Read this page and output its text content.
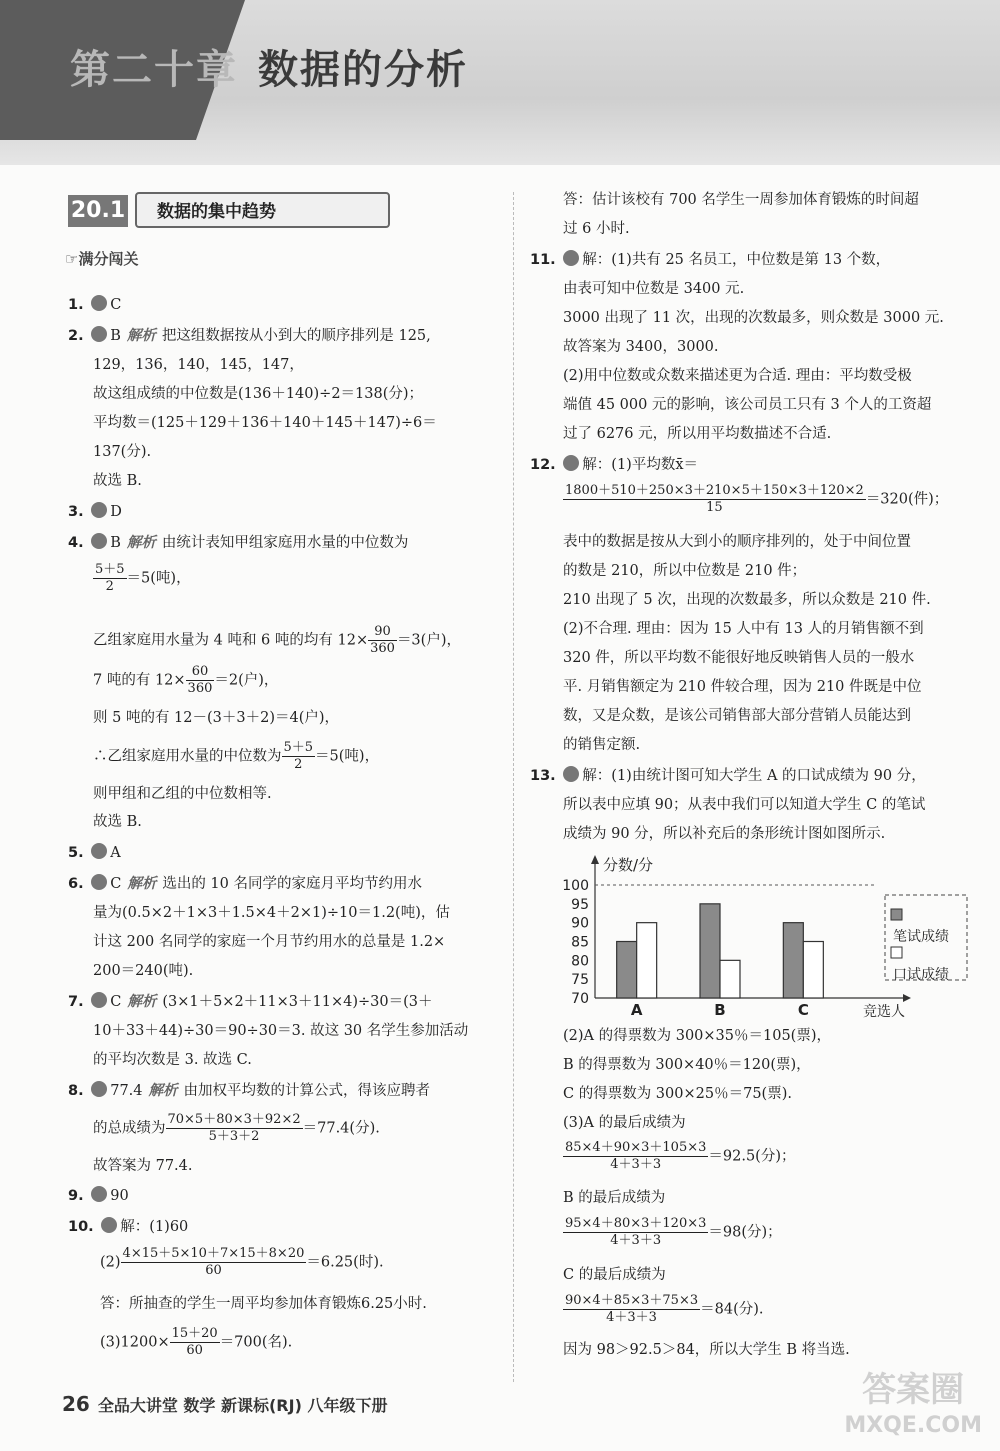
第二十章 数据的分析
20.1	数据的集中趋势
☞满分闯关
1. C
2. B 解析 把这组数据按从小到大的顺序排列是 125,
129，136，140，145，147，
故这组成绩的中位数是(136＋140)÷2＝138(分)；
平均数＝(125＋129＋136＋140＋145＋147)÷6＝
137(分).
故选 B.
3. D
4. B 解析 由统计表知甲组家庭用水量的中位数为
$\frac{5+5}{2} =5$(吨)，
乙组家庭用水量为 4 吨和 6 吨的均有 $12\times \frac{90}{360} =3$(户)，
7 吨的有 $12\times \frac{60}{360} =2$(户)，
则 5 吨的有 12－(3＋3＋2)＝4(户)，
∴乙组家庭用水量的中位数为 $\frac{5+5}{2} =5$(吨)，
则甲组和乙组的中位数相等.
故选 B.
5. A
6. C 解析 选出的 10 名同学的家庭月平均节约用水
量为(0.5×2＋1×3＋1.5×4＋2×1)÷10＝1.2(吨)，估
计这 200 名同学的家庭一个月节约用水的总量是 1.2×
200＝240(吨).
7. C 解析 (3×1＋5×2＋11×3＋11×4)÷30＝(3＋
10＋33＋44)÷30＝90÷30＝3. 故这 30 名学生参加活动
的平均次数是 3. 故选 C.
8. 77.4 解析 由加权平均数的计算公式，得该应聘者
的总成绩为 $\frac{70\times 5+80\times 3+92\times 2}{5+3+2} =77.4$(分).
故答案为 77.4.
9. 90
10. 解：(1)60
$(2) \frac{4\times 15+5\times 10+7\times 15+8\times 20}{60} =6.25$(时).
答：所抽查的学生一周平均参加体育锻炼6.25小时.
$(3)1200\times \frac{15+20}{60} =700$(名).
答：估计该校有 700 名学生一周参加体育锻炼的时间超
过 6 小时.
11. 解：(1)共有 25 名员工，中位数是第 13 个数，
由表可知中位数是 3400 元.
3000 出现了 11 次，出现的次数最多，则众数是 3000 元.
故答案为 3400，3000.
(2)用中位数或众数来描述更为合适. 理由：平均数受极
端值 45 000 元的影响，该公司员工只有 3 个人的工资超
过了 6276 元，所以用平均数描述不合适.
12. 解：(1)平均数x̄＝
$\frac{1800+510+250\times 3+210\times 5+150\times 3+120\times 2}{15} =320$(件)；
表中的数据是按从大到小的顺序排列的，处于中间位置
的数是 210，所以中位数是 210 件；
210 出现了 5 次，出现的次数最多，所以众数是 210 件.
(2)不合理. 理由：因为 15 人中有 13 人的月销售额不到
320 件，所以平均数不能很好地反映销售人员的一般水
平. 月销售额定为 210 件较合理，因为 210 件既是中位
数，又是众数，是该公司销售部大部分营销人员能达到
的销售定额.
13. 解：(1)由统计图可知大学生 A 的口试成绩为 90 分，
所以表中应填 90；从表中我们可以知道大学生 C 的笔试
成绩为 90 分，所以补充后的条形统计图如图所示.
分数/分
竞选人
100
95
90
85
80
75
70
A	B	C
笔试成绩
口试成绩
(2)A 的得票数为 300×35％＝105(票)，
B 的得票数为 300×40％＝120(票)，
C 的得票数为 300×25％＝75(票).
(3)A 的最后成绩为
$\frac{85\times 4+90\times 3+105\times 3}{4+3+3} =92.5$(分)；
B 的最后成绩为
$\frac{95\times 4+80\times 3+120\times 3}{4+3+3} =98$(分)；
C 的最后成绩为
$\frac{90\times 4+85\times 3+75\times 3}{4+3+3} =84$(分).
因为 98＞92.5＞84，所以大学生 B 将当选.
26 全品大讲堂 数学 新课标(RJ) 八年级下册	答案圈
MXQE.COM
